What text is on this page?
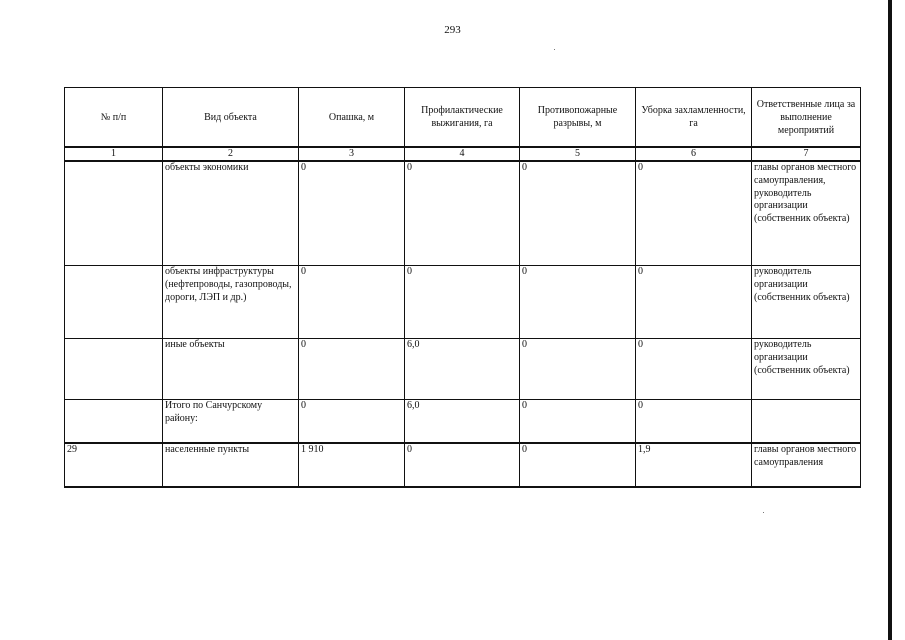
293
№ п/п	Вид объекта	Опашка, м	Профилактические выжигания, га	Противопожарные разрывы, м	Уборка захламленности, га	Ответственные лица за выполнение мероприятий
1	2	3	4	5	6	7
	объекты экономики	0	0	0	0	главы органов местного самоуправления, руководитель организации (собственник объекта)
	объекты инфраструктуры (нефтепроводы, газопроводы, дороги, ЛЭП и др.)	0	0	0	0	руководитель организации (собственник объекта)
	иные объекты	0	6,0	0	0	руководитель организации (собственник объекта)
	Итого по Санчурскому району:	0	6,0	0	0	
29	населенные пункты	1 910	0	0	1,9	главы органов местного самоуправления
